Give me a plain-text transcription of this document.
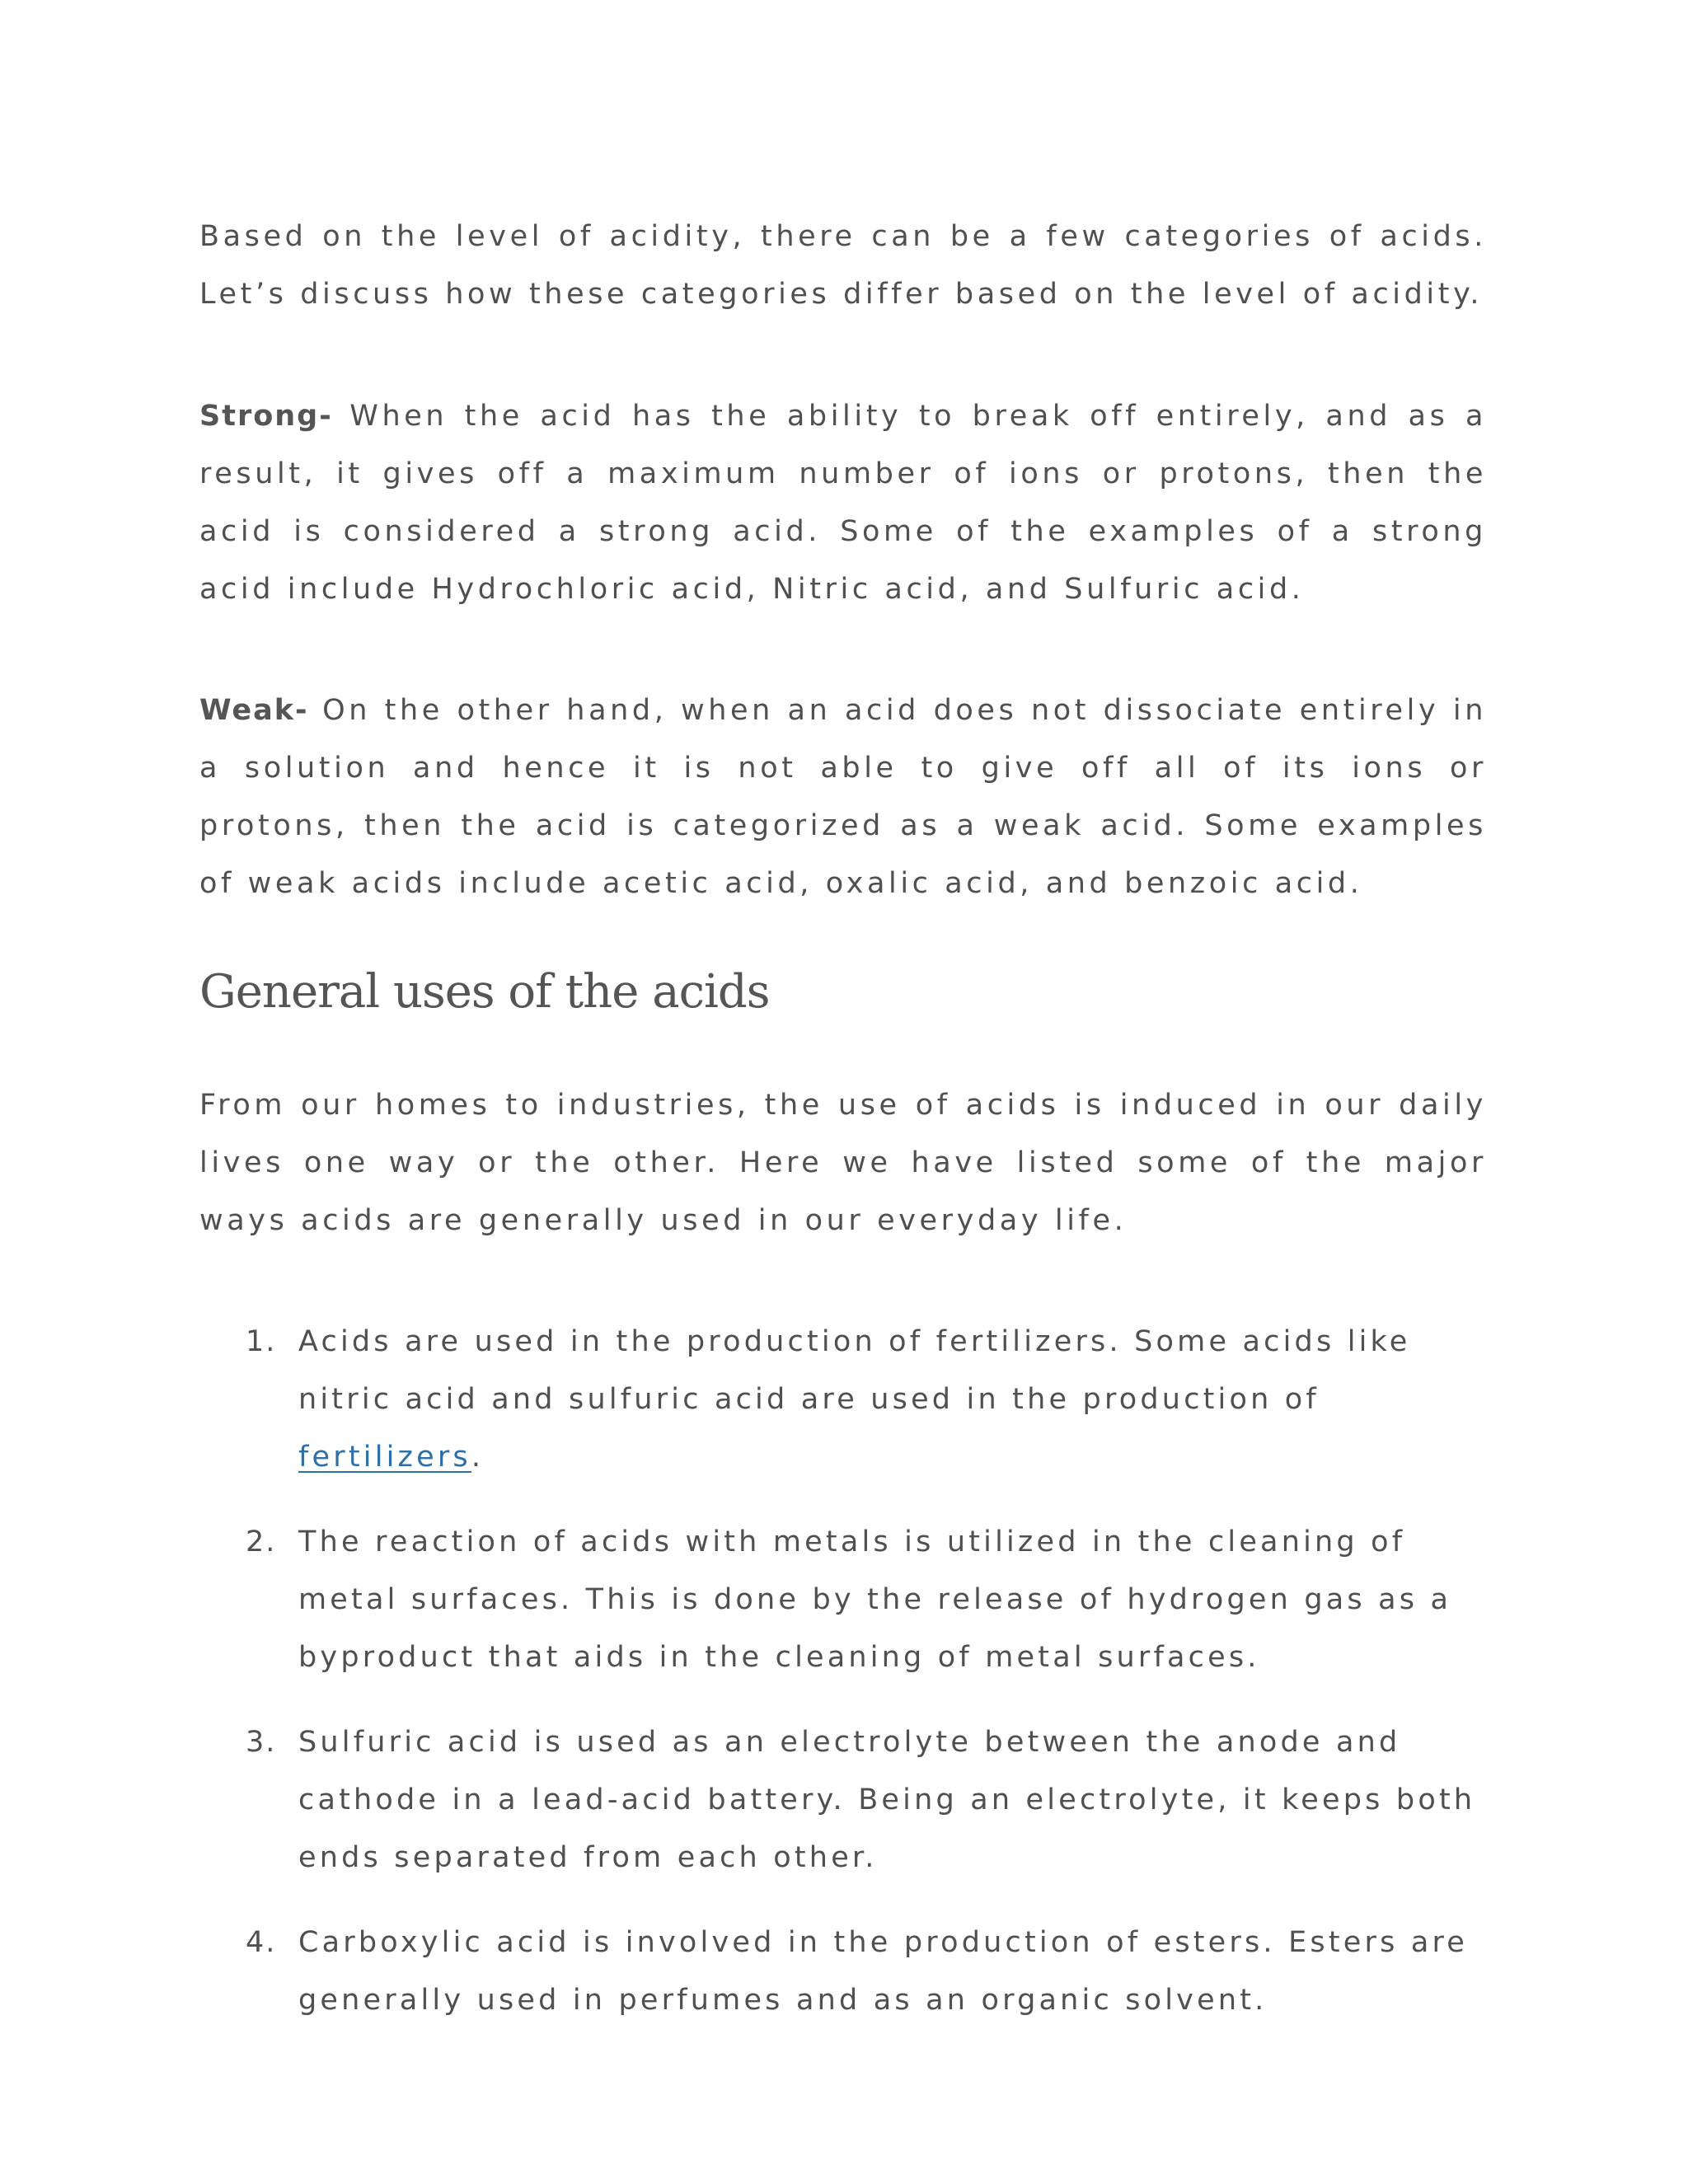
Based on the level of acidity, there can be a few categories of acids. Let’s discuss how these categories differ based on the level of acidity.

Strong- When the acid has the ability to break off entirely, and as a result, it gives off a maximum number of ions or protons, then the acid is considered a strong acid. Some of the examples of a strong acid include Hydrochloric acid, Nitric acid, and Sulfuric acid.

Weak- On the other hand, when an acid does not dissociate entirely in a solution and hence it is not able to give off all of its ions or protons, then the acid is categorized as a weak acid. Some examples of weak acids include acetic acid, oxalic acid, and benzoic acid.

General uses of the acids

From our homes to industries, the use of acids is induced in our daily lives one way or the other. Here we have listed some of the major ways acids are generally used in our everyday life.

1. Acids are used in the production of fertilizers. Some acids like nitric acid and sulfuric acid are used in the production of fertilizers.
2. The reaction of acids with metals is utilized in the cleaning of metal surfaces. This is done by the release of hydrogen gas as a byproduct that aids in the cleaning of metal surfaces.
3. Sulfuric acid is used as an electrolyte between the anode and cathode in a lead-acid battery. Being an electrolyte, it keeps both ends separated from each other.
4. Carboxylic acid is involved in the production of esters. Esters are generally used in perfumes and as an organic solvent.
